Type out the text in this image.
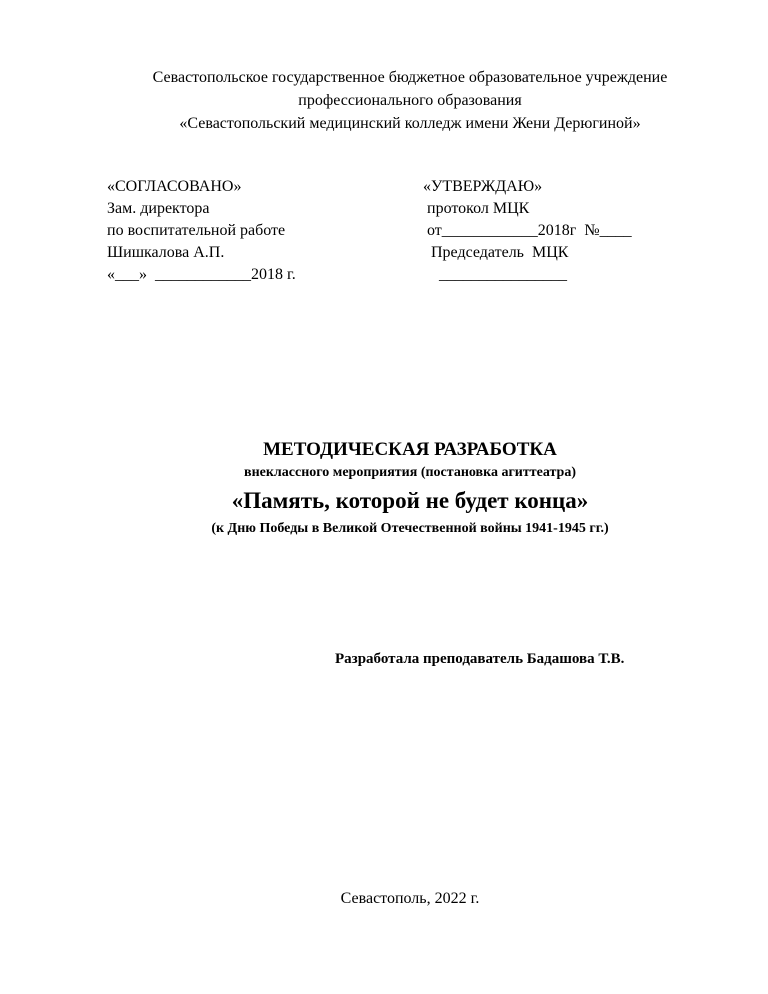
Севастопольское государственное бюджетное образовательное учреждение
профессионального образования
«Севастопольский медицинский колледж имени Жени Дерюгиной»
«СОГЛАСОВАНО»
Зам. директора
по воспитательной работе
Шишкалова А.П.
«___»  ____________2018 г.
«УТВЕРЖДАЮ»
протокол МЦК
от____________2018г  №____
Председатель  МЦК
________________
МЕТОДИЧЕСКАЯ РАЗРАБОТКА
внеклассного мероприятия (постановка агиттеатра)
«Память, которой не будет конца»
(к Дню Победы в Великой Отечественной войны 1941-1945 гг.)
Разработала преподаватель Бадашова Т.В.
Севастополь, 2022 г.
